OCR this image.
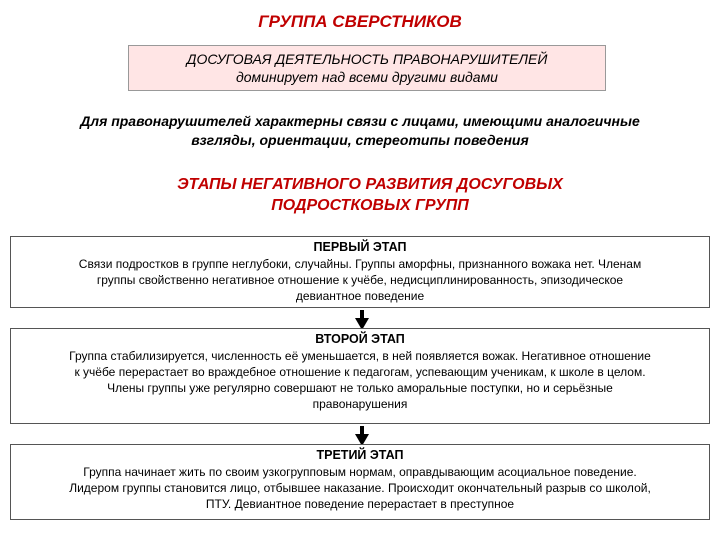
ГРУППА СВЕРСТНИКОВ
ДОСУГОВАЯ ДЕЯТЕЛЬНОСТЬ ПРАВОНАРУШИТЕЛЕЙ
доминирует над всеми другими видами
Для правонарушителей характерны связи с лицами, имеющими аналогичные
взгляды, ориентации, стереотипы поведения
ЭТАПЫ НЕГАТИВНОГО РАЗВИТИЯ ДОСУГОВЫХ
ПОДРОСТКОВЫХ ГРУПП
ПЕРВЫЙ ЭТАП
Связи подростков в группе неглубоки, случайны. Группы аморфны, признанного вожака нет. Членам
группы свойственно негативное отношение к учёбе, недисциплинированность, эпизодическое
девиантное поведение
ВТОРОЙ ЭТАП
Группа стабилизируется, численность её уменьшается, в ней появляется вожак. Негативное отношение
к учёбе перерастает во враждебное отношение к педагогам, успевающим ученикам, к школе в целом.
Члены группы уже регулярно совершают не только аморальные поступки, но и серьёзные
правонарушения
ТРЕТИЙ ЭТАП
Группа начинает жить по своим узкогрупповым нормам, оправдывающим асоциальное поведение.
Лидером группы становится лицо, отбывшее наказание. Происходит окончательный разрыв со школой,
ПТУ. Девиантное поведение перерастает в преступное
